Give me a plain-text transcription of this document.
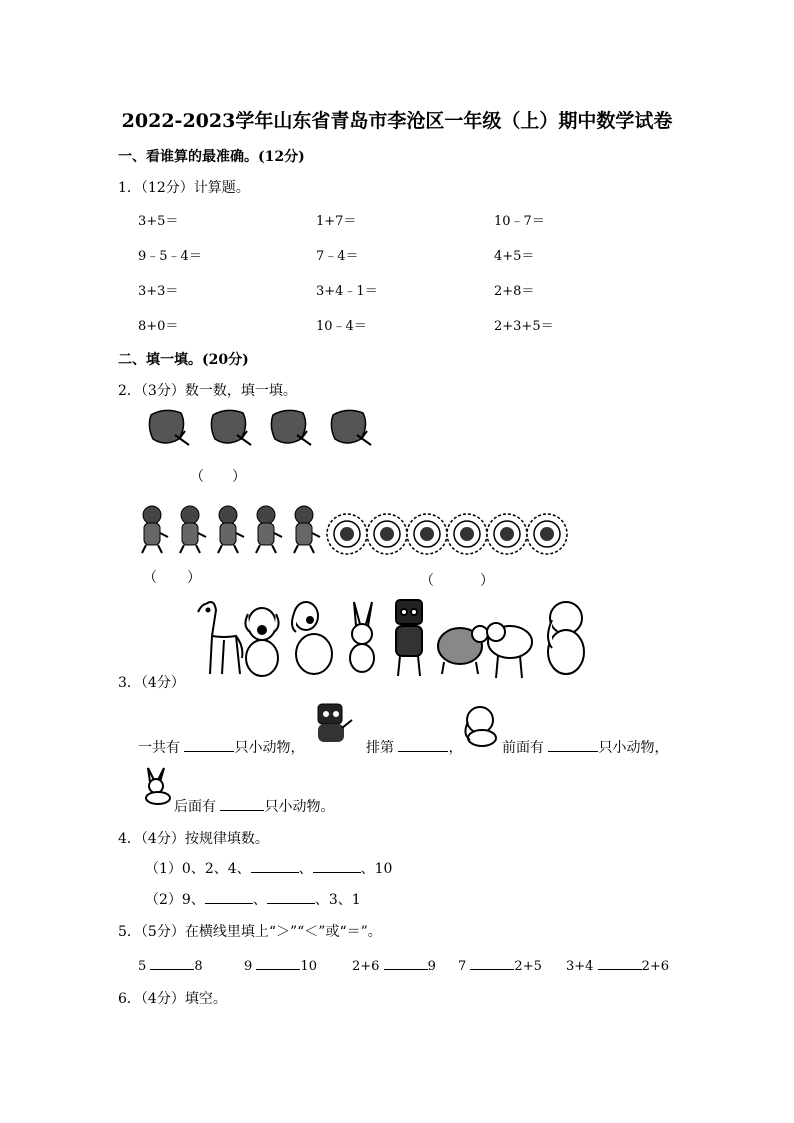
2022-2023学年山东省青岛市李沧区一年级（上）期中数学试卷
一、看谁算的最准确。(12分)
1．（12分）计算题。
3+5＝	1+7＝	10﹣7＝
9﹣5﹣4＝	7﹣4＝	4+5＝
3+3＝	3+4﹣1＝	2+8＝
8+0＝	10﹣4＝	2+3+5＝
二、填一填。(20分)
2．（3分）数一数，填一填。
（ ）
（ ）	（	）
3．（4分）
一共有	只小动物，	排第	，	前面有	只小动物，
后面有	只小动物。
4．（4分）按规律填数。
（1）0、2、4、	、	、10
（2）9、	、	、3、1
5．（5分）在横线里填上“＞”“＜”或“＝”。
5	8	9	10	2+6	9 7	2+5 3+4	2+6
6．（4分）填空。
